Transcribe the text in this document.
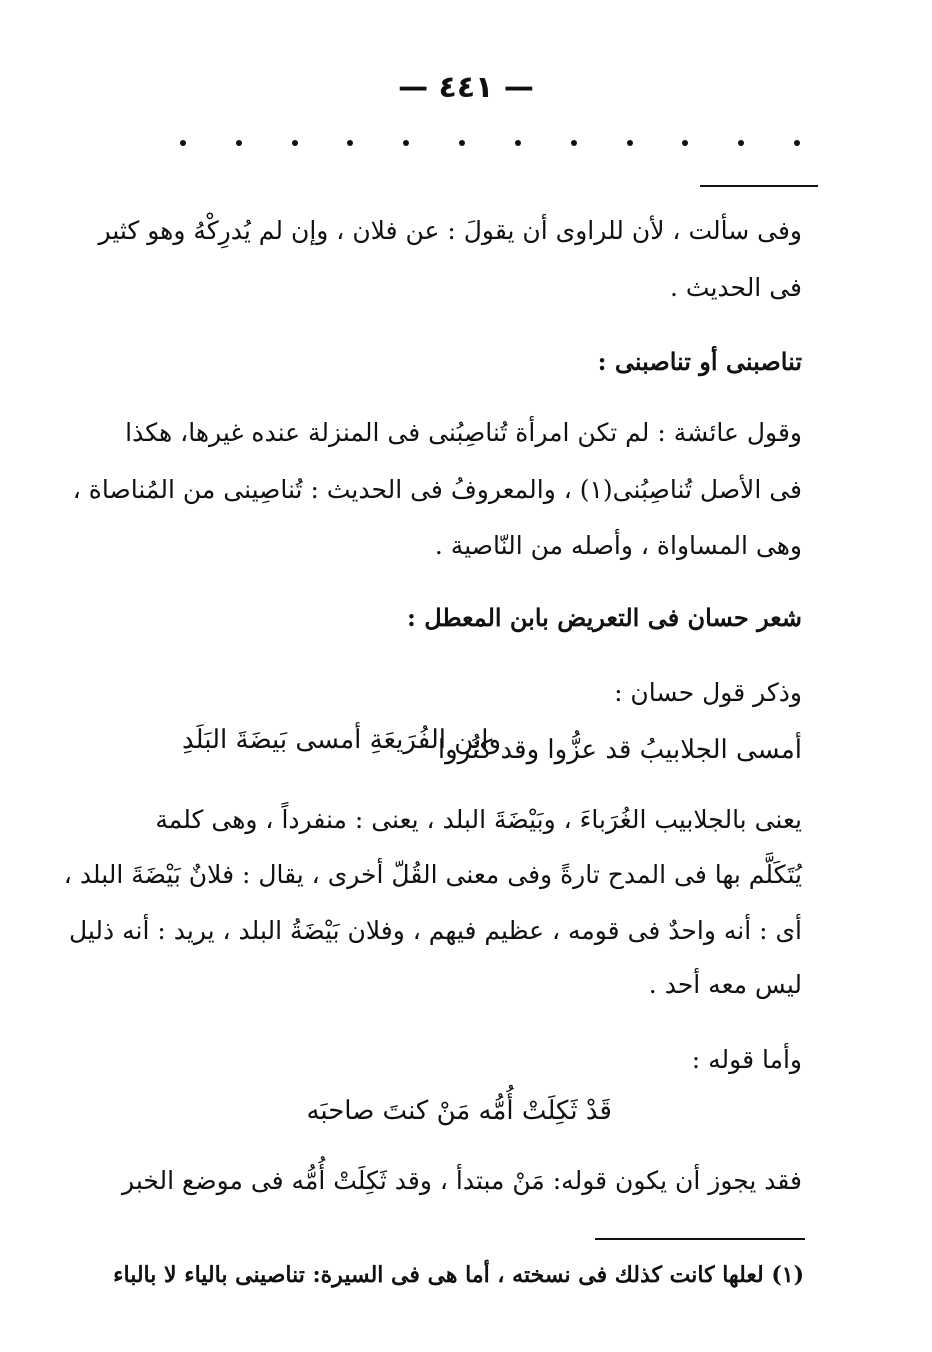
— ٤٤١ —
وفى سألت ، لأن للراوى أن يقولَ : عن فلان ، وإن لم يُدرِكْهُ وهو كثير
فى الحديث .
تناصبنى أو تناصبنى :
وقول عائشة : لم تكن امرأة تُناصِبُنى فى المنزلة عنده غيرها، هكذا
فى الأصل تُناصِبُنى(١) ، والمعروفُ فى الحديث : تُناصِينى من المُناصاة ،
وهى المساواة ، وأصله من النّاصية .
شعر حسان فى التعريض بابن المعطل :
وذكر قول حسان :
أمسى الجلابيبُ قد عزُّوا وقد كثُروا
وابن الفُرَيعَةِ أمسى بَيضَةَ البَلَدِ
يعنى بالجلابيب الغُرَباءَ ، وبَيْضَةَ البلد ، يعنى : منفرداً ، وهى كلمة
يُتَكَلَّم بها فى المدح تارةً وفى معنى القُلّ أخرى ، يقال : فلانٌ بَيْضَةَ البلد ،
أى : أنه واحدٌ فى قومه ، عظيم فيهم ، وفلان بَيْضَةُ البلد ، يريد : أنه ذليل
ليس معه أحد .
وأما قوله :
قَدْ ثَكِلَتْ أُمُّه مَنْ كنتَ صاحبَه
فقد يجوز أن يكون قوله: مَنْ مبتدأ ، وقد ثَكِلَتْ أُمُّه فى موضع الخبر
(١) لعلها كانت كذلك فى نسخته ، أما هى فى السيرة: تناصينى بالياء لا بالباء
